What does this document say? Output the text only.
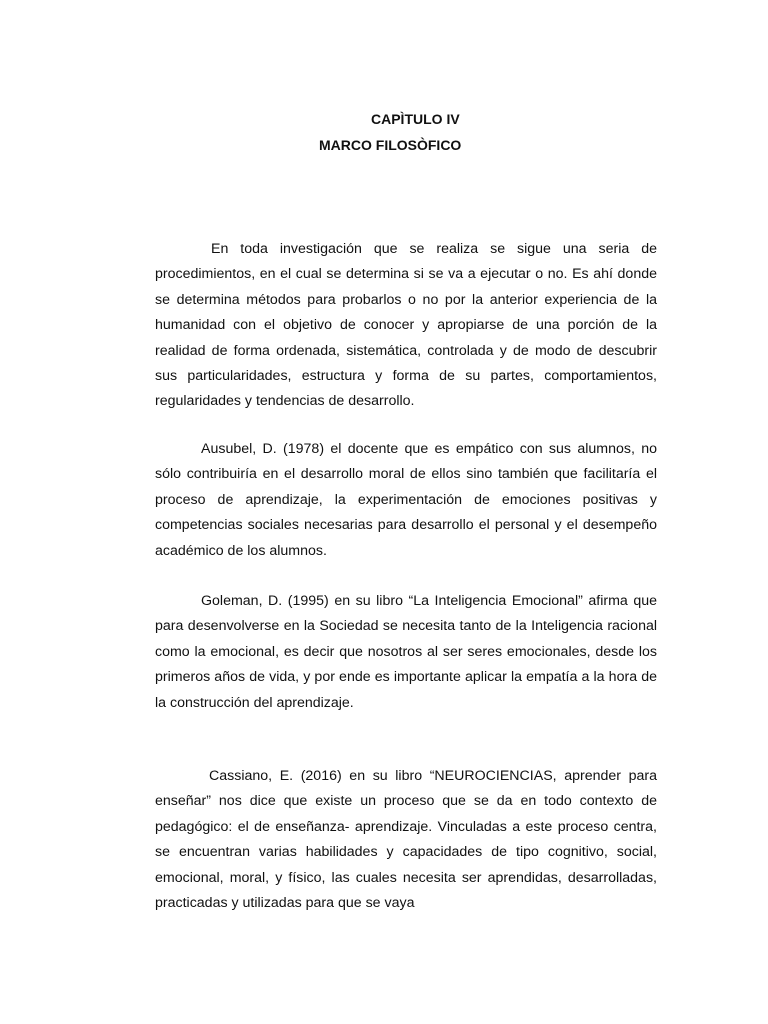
CAPÌTULO IV
MARCO FILOSÒFICO

En toda investigación que se realiza se sigue una seria de procedimientos, en el cual se determina si se va a ejecutar o no. Es ahí donde se determina métodos para probarlos o no por la anterior experiencia de la humanidad con el objetivo de conocer y apropiarse de una porción de la realidad de forma ordenada, sistemática, controlada y de modo de descubrir sus particularidades, estructura y forma de su partes, comportamientos, regularidades y tendencias de desarrollo.

Ausubel, D. (1978) el docente que es empático con sus alumnos, no sólo contribuiría en el desarrollo moral de ellos sino también que facilitaría el proceso de aprendizaje, la experimentación de emociones positivas y competencias sociales necesarias para desarrollo el personal y el desempeño académico de los alumnos.

Goleman, D. (1995) en su libro “La Inteligencia Emocional” afirma que para desenvolverse en la Sociedad se necesita tanto de la Inteligencia racional como la emocional, es decir que nosotros al ser seres emocionales, desde los primeros años de vida, y por ende es importante aplicar la empatía a la hora de la construcción del aprendizaje.

Cassiano, E. (2016) en su libro “NEUROCIENCIAS, aprender para enseñar” nos dice que existe un proceso que se da en todo contexto de pedagógico: el de enseñanza- aprendizaje. Vinculadas a este proceso centra, se encuentran varias habilidades y capacidades de tipo cognitivo, social, emocional, moral, y físico, las cuales necesita ser aprendidas, desarrolladas, practicadas y utilizadas para que se vaya
